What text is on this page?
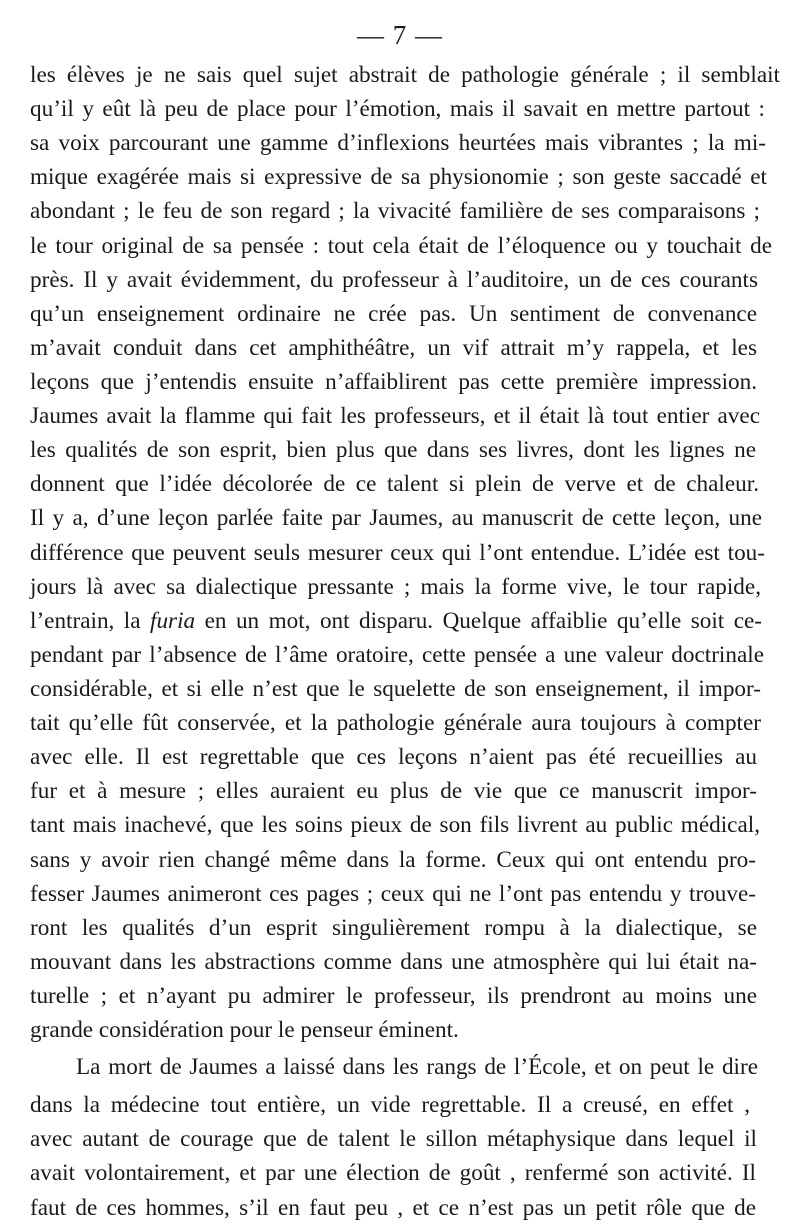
— 7 —
les élèves je ne sais quel sujet abstrait de pathologie générale ; il semblait
qu’il y eût là peu de place pour l’émotion, mais il savait en mettre partout :
sa voix parcourant une gamme d’inflexions heurtées mais vibrantes ; la mi-
mique exagérée mais si expressive de sa physionomie ; son geste saccadé et
abondant ; le feu de son regard ; la vivacité familière de ses comparaisons ;
le tour original de sa pensée : tout cela était de l’éloquence ou y touchait de
près. Il y avait évidemment, du professeur à l’auditoire, un de ces courants
qu’un enseignement ordinaire ne crée pas. Un sentiment de convenance
m’avait conduit dans cet amphithéâtre, un vif attrait m’y rappela, et les
leçons que j’entendis ensuite n’affaiblirent pas cette première impression.
Jaumes avait la flamme qui fait les professeurs, et il était là tout entier avec
les qualités de son esprit, bien plus que dans ses livres, dont les lignes ne
donnent que l’idée décolorée de ce talent si plein de verve et de chaleur.
Il y a, d’une leçon parlée faite par Jaumes, au manuscrit de cette leçon, une
différence que peuvent seuls mesurer ceux qui l’ont entendue. L’idée est tou-
jours là avec sa dialectique pressante ; mais la forme vive, le tour rapide,
l’entrain, la furia en un mot, ont disparu. Quelque affaiblie qu’elle soit ce-
pendant par l’absence de l’âme oratoire, cette pensée a une valeur doctrinale
considérable, et si elle n’est que le squelette de son enseignement, il impor-
tait qu’elle fût conservée, et la pathologie générale aura toujours à compter
avec elle. Il est regrettable que ces leçons n’aient pas été recueillies au
fur et à mesure ; elles auraient eu plus de vie que ce manuscrit impor-
tant mais inachevé, que les soins pieux de son fils livrent au public médical,
sans y avoir rien changé même dans la forme. Ceux qui ont entendu pro-
fesser Jaumes animeront ces pages ; ceux qui ne l’ont pas entendu y trouve-
ront les qualités d’un esprit singulièrement rompu à la dialectique, se
mouvant dans les abstractions comme dans une atmosphère qui lui était na-
turelle ; et n’ayant pu admirer le professeur, ils prendront au moins une
grande considération pour le penseur éminent.
La mort de Jaumes a laissé dans les rangs de l’École, et on peut le dire
dans la médecine tout entière, un vide regrettable. Il a creusé, en effet ,
avec autant de courage que de talent le sillon métaphysique dans lequel il
avait volontairement, et par une élection de goût , renfermé son activité. Il
faut de ces hommes, s’il en faut peu , et ce n’est pas un petit rôle que de
